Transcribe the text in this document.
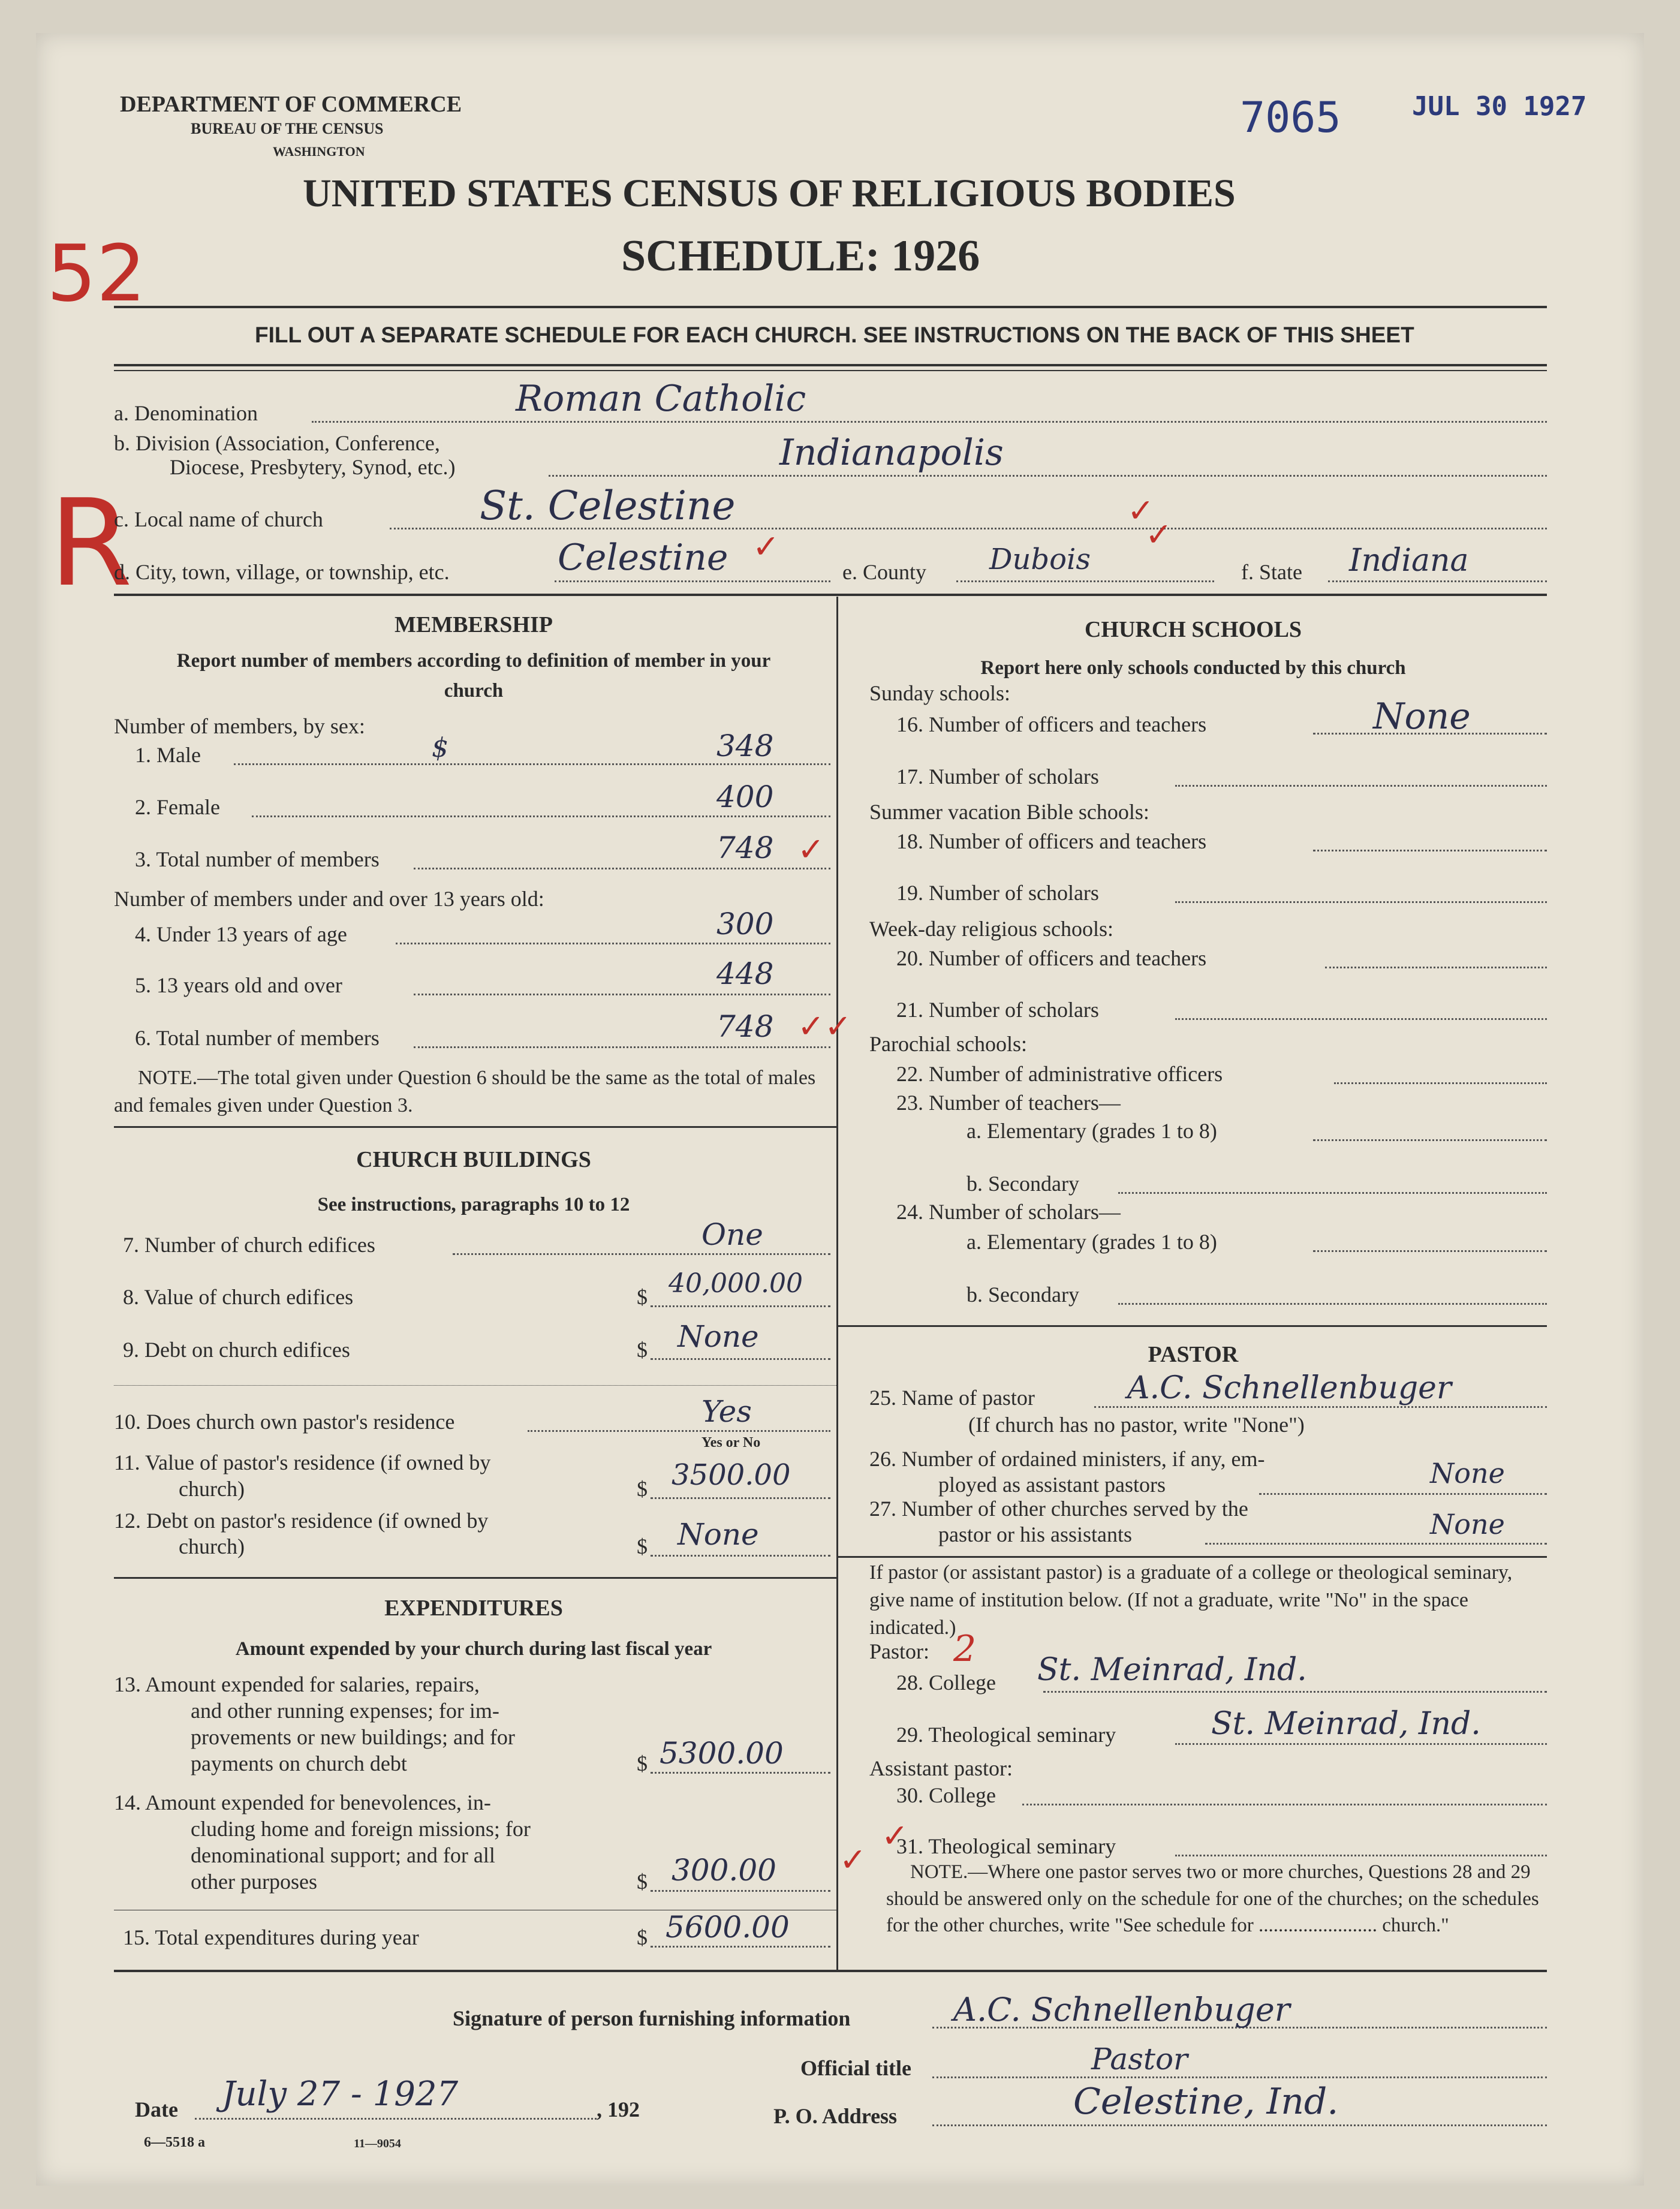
DEPARTMENT OF COMMERCE
BUREAU OF THE CENSUS
WASHINGTON
7065	JUL 30 1927
UNITED STATES CENSUS OF RELIGIOUS BODIES
SCHEDULE: 1926
FILL OUT A SEPARATE SCHEDULE FOR EACH CHURCH. SEE INSTRUCTIONS ON THE BACK OF THIS SHEET
52
R
a. Denomination	Roman Catholic
b. Division (Association, Conference,
Diocese, Presbytery, Synod, etc.)	Indianapolis
c. Local name of church	St. Celestine	✓
d. City, town, village, or township, etc.	Celestine ✓
e. County Dubois
✓
f. State Indiana
MEMBERSHIP
Report number of members according to definition of member in your church
Number of members, by sex:
1. Male	$	348
2. Female	400
3. Total number of members	748 ✓
Number of members under and over 13 years old:
4. Under 13 years of age	300
5. 13 years old and over	448
6. Total number of members	748 ✓✓
NOTE.—The total given under Question 6 should be the same as the total of males and females given under Question 3.
CHURCH BUILDINGS
See instructions, paragraphs 10 to 12
7. Number of church edifices	One
8. Value of church edifices	$ 40,000.00
9. Debt on church edifices	$ None
10. Does church own pastor's residence	Yes
Yes or No
11. Value of pastor's residence (if owned by
church)	$ 3500.00
12. Debt on pastor's residence (if owned by
church)	$ None
EXPENDITURES
Amount expended by your church during last fiscal year
13. Amount expended for salaries, repairs,
and other running expenses; for im-
provements or new buildings; and for
payments on church debt	$ 5300.00
14. Amount expended for benevolences, in-
cluding home and foreign missions; for
denominational support; and for all
other purposes	$ 300.00 ✓
15. Total expenditures during year	$ 5600.00
CHURCH SCHOOLS
Report here only schools conducted by this church
Sunday schools:
16. Number of officers and teachers	None
17. Number of scholars
Summer vacation Bible schools:
18. Number of officers and teachers
19. Number of scholars
Week-day religious schools:
20. Number of officers and teachers
21. Number of scholars
Parochial schools:
22. Number of administrative officers
23. Number of teachers—
a. Elementary (grades 1 to 8)
b. Secondary
24. Number of scholars—
a. Elementary (grades 1 to 8)
b. Secondary
PASTOR
25. Name of pastor	A.C. Schnellenbuger
(If church has no pastor, write "None")
26. Number of ordained ministers, if any, em-
ployed as assistant pastors	None
27. Number of other churches served by the
pastor or his assistants	None
If pastor (or assistant pastor) is a graduate of a college or theological seminary, give name of institution below. (If not a graduate, write "No" in the space indicated.)
Pastor: 2
28. College St. Meinrad, Ind.
29. Theological seminary	St. Meinrad, Ind.
Assistant pastor:
30. College
✓
31. Theological seminary
NOTE.—Where one pastor serves two or more churches, Questions 28 and 29 should be answered only on the schedule for one of the churches; on the schedules for the other churches, write "See schedule for ........................ church."
Signature of person furnishing information	A.C. Schnellenbuger
Official title	Pastor
Date July 27 - 1927	, 192	P. O. Address	Celestine, Ind.
6—5518 a	11—9054
